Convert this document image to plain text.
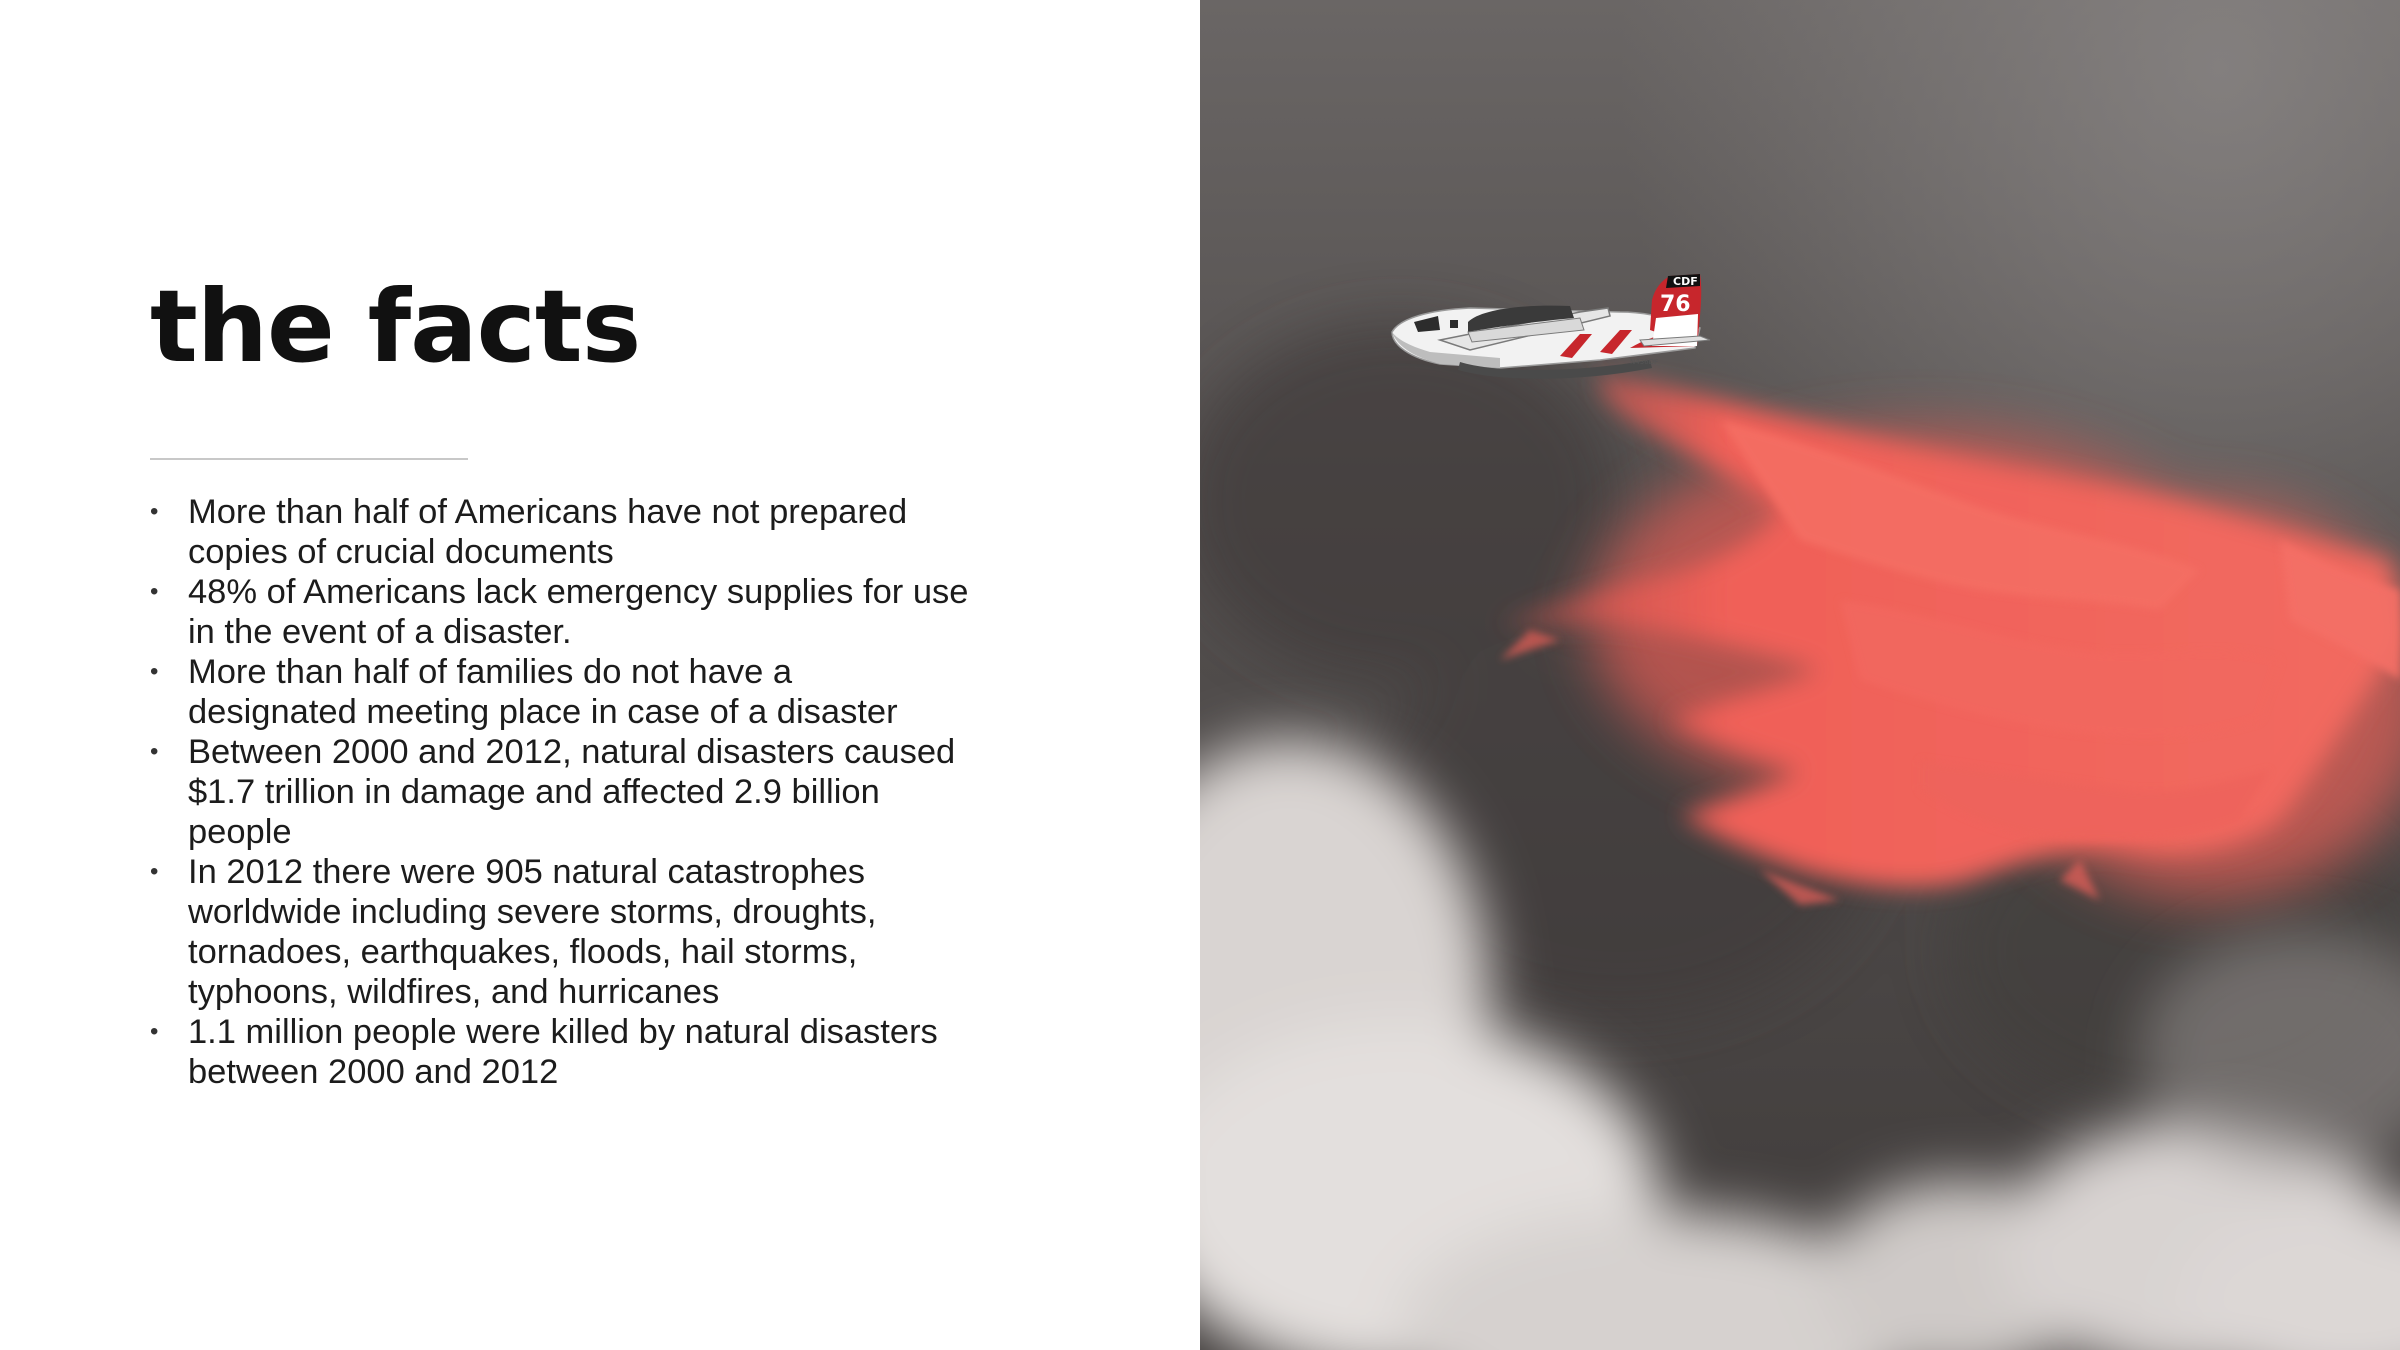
the facts
• More than half of Americans have not prepared copies of crucial documents
• 48% of Americans lack emergency supplies for use in the event of a disaster.
• More than half of families do not have a designated meeting place in case of a disaster
• Between 2000 and 2012, natural disasters caused $1.7 trillion in damage and affected 2.9 billion people
• In 2012 there were 905 natural catastrophes worldwide including severe storms, droughts, tornadoes, earthquakes, floods, hail storms, typhoons, wildfires, and hurricanes
• 1.1 million people were killed by natural disasters between 2000 and 2012
CDF
76
N436DF
